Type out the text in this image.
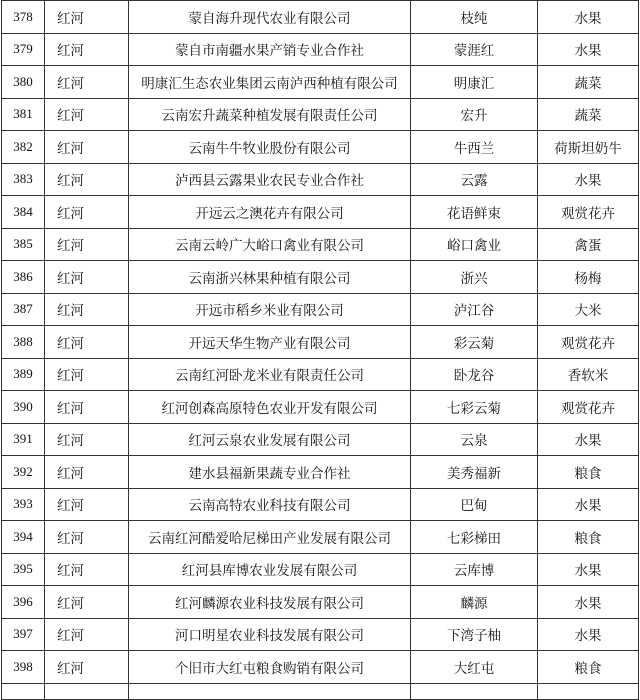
378	红河	蒙自海升现代农业有限公司	枝纯	水果
379	红河	蒙自市南疆水果产销专业合作社	蒙涯红	水果
380	红河	明康汇生态农业集团云南泸西种植有限公司	明康汇	蔬菜
381	红河	云南宏升蔬菜种植发展有限责任公司	宏升	蔬菜
382	红河	云南牛牛牧业股份有限公司	牛西兰	荷斯坦奶牛
383	红河	泸西县云露果业农民专业合作社	云露	水果
384	红河	开远云之澳花卉有限公司	花语鲜束	观赏花卉
385	红河	云南云岭广大峪口禽业有限公司	峪口禽业	禽蛋
386	红河	云南浙兴林果种植有限公司	浙兴	杨梅
387	红河	开远市稻乡米业有限公司	泸江谷	大米
388	红河	开远天华生物产业有限公司	彩云菊	观赏花卉
389	红河	云南红河卧龙米业有限责任公司	卧龙谷	香软米
390	红河	红河创森高原特色农业开发有限公司	七彩云菊	观赏花卉
391	红河	红河云泉农业发展有限公司	云泉	水果
392	红河	建水县福新果蔬专业合作社	美秀福新	粮食
393	红河	云南高特农业科技有限公司	巴甸	水果
394	红河	云南红河酷爱哈尼梯田产业发展有限公司	七彩梯田	粮食
395	红河	红河县库博农业发展有限公司	云库博	水果
396	红河	红河麟源农业科技发展有限公司	麟源	水果
397	红河	河口明星农业科技发展有限公司	下湾子柚	水果
398	红河	个旧市大红屯粮食购销有限公司	大红屯	粮食
